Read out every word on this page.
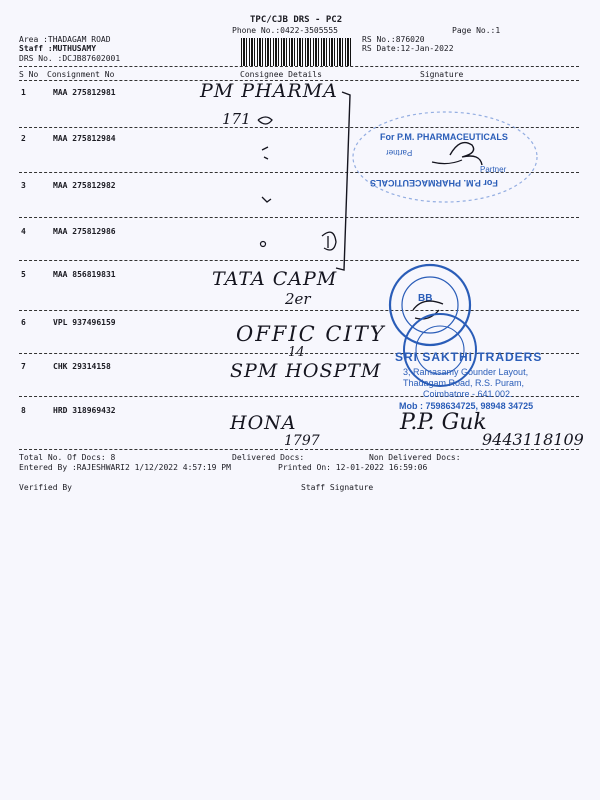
TPC/CJB DRS - PC2
Phone No.:0422-3505555	Page No.:1
Area :THADAGAM ROAD
Staff :MUTHUSAMY
DRS No. :DCJB87602001
RS No.:876020
RS Date:12-Jan-2022
S No Consignment No	Consignee Details	Signature
1	MAA 275812981	PM PHARMA
171
2	MAA 275812984
3	MAA 275812982
4	MAA 275812986
5	MAA 856819831	TATA CAPM
2er
6	VPL 937496159	OFFIC CITY
14
7	CHK 29314158	SPM HOSPTM
8	HRD 318969432
HONA
1797
For P.M. PHARMACEUTICALS
Partner
Partner
For P.M. PHARMACEUTICALS
BB
SRI SAKTHI TRADERS
3, Ramasamy Gounder Layout,
Thadagam Road, R.S. Puram,
Coimbatore - 641 002.
Mob : 7598634725, 98948 34725
P.P. Guk
9443118109
Total No. Of Docs: 8	Delivered Docs:	Non Delivered Docs:
Entered By :RAJESHWARI2 1/12/2022 4:57:19 PM	Printed On: 12-01-2022 16:59:06
Verified By	Staff Signature
